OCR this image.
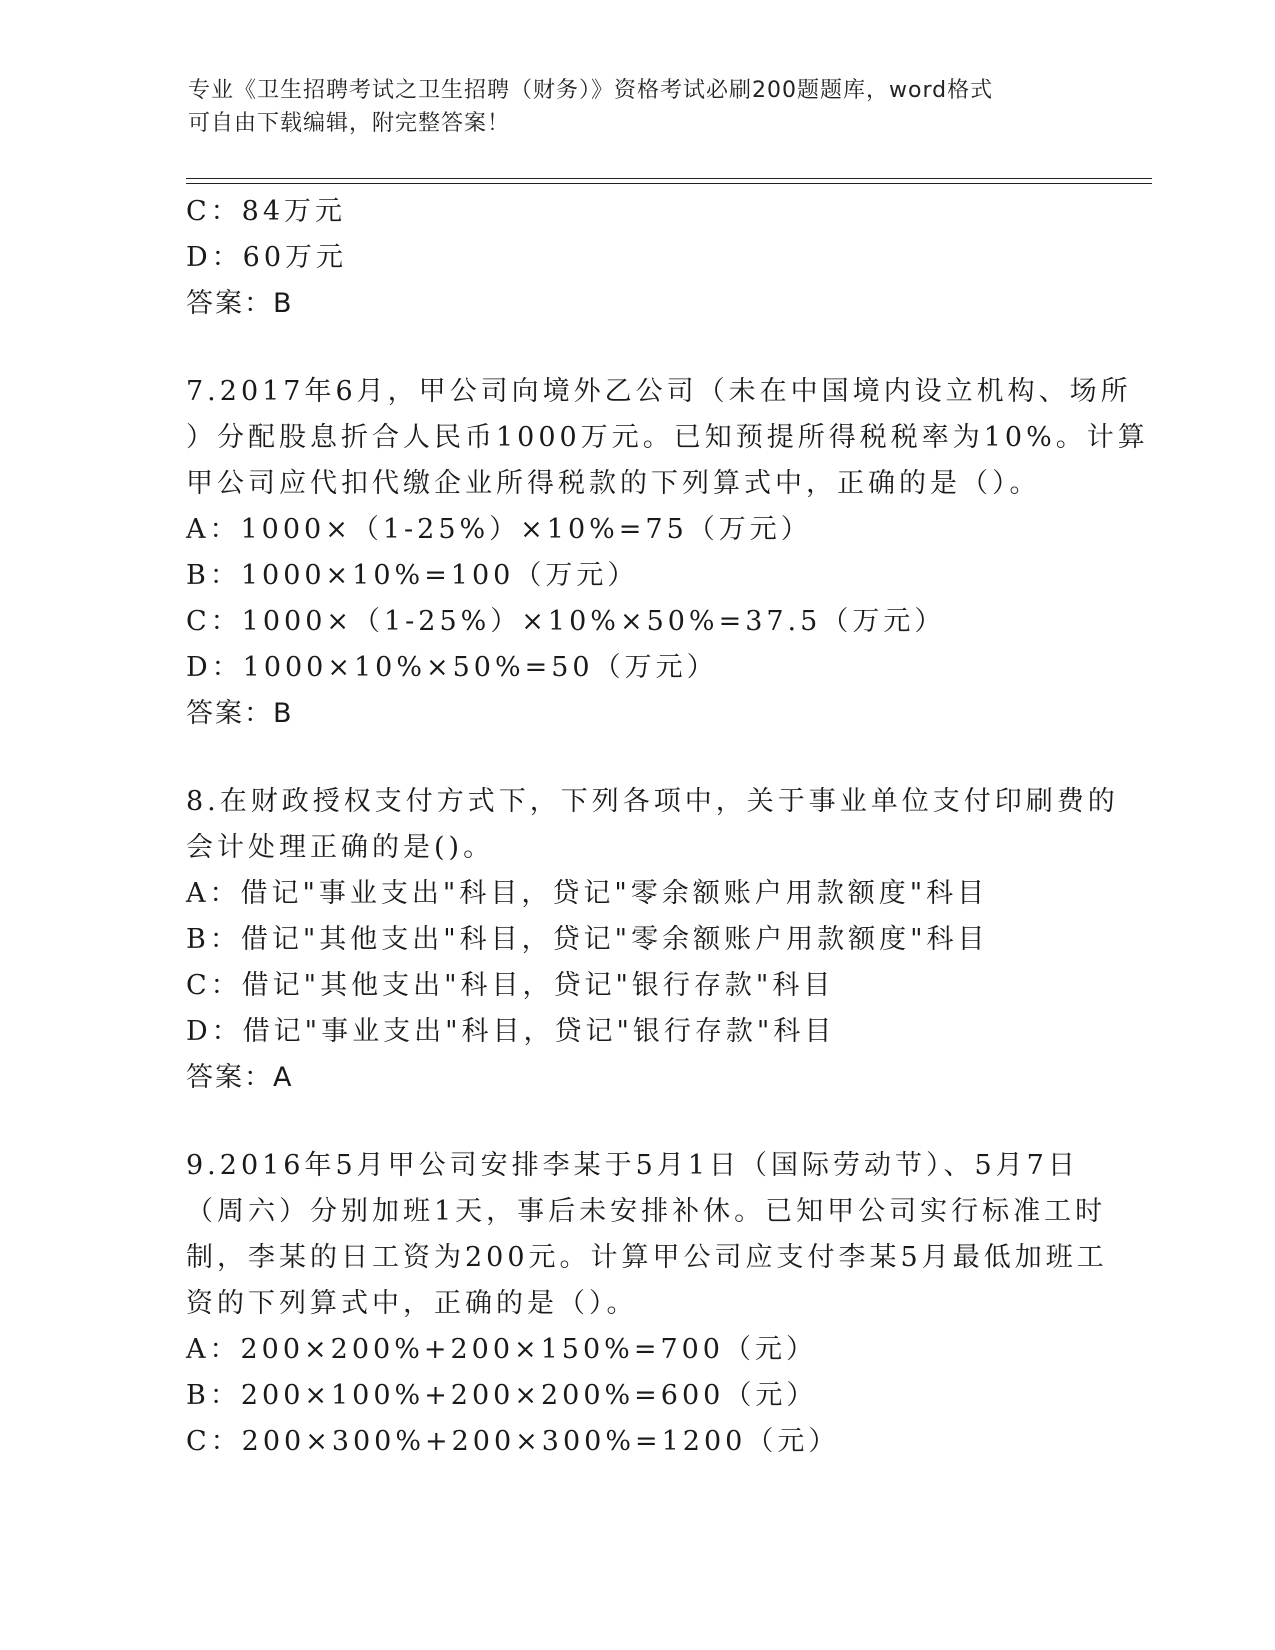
专业《卫生招聘考试之卫生招聘（财务）》资格考试必刷200题题库，word格式
可自由下载编辑，附完整答案！
C：84万元
D：60万元
答案：B
7.2017年6月，甲公司向境外乙公司（未在中国境内设立机构、场所
）分配股息折合人民币1000万元。已知预提所得税税率为10%。计算
甲公司应代扣代缴企业所得税款的下列算式中，正确的是（）。
A：1000×（1-25%）×10%=75（万元）
B：1000×10%=100（万元）
C：1000×（1-25%）×10%×50%=37.5（万元）
D：1000×10%×50%=50（万元）
答案：B
8.在财政授权支付方式下，下列各项中，关于事业单位支付印刷费的
会计处理正确的是()。
A：借记"事业支出"科目，贷记"零余额账户用款额度"科目
B：借记"其他支出"科目，贷记"零余额账户用款额度"科目
C：借记"其他支出"科目，贷记"银行存款"科目
D：借记"事业支出"科目，贷记"银行存款"科目
答案：A
9.2016年5月甲公司安排李某于5月1日（国际劳动节）、5月7日
（周六）分别加班1天，事后未安排补休。已知甲公司实行标准工时
制，李某的日工资为200元。计算甲公司应支付李某5月最低加班工
资的下列算式中，正确的是（）。
A：200×200%+200×150%=700（元）
B：200×100%+200×200%=600（元）
C：200×300%+200×300%=1200（元）
